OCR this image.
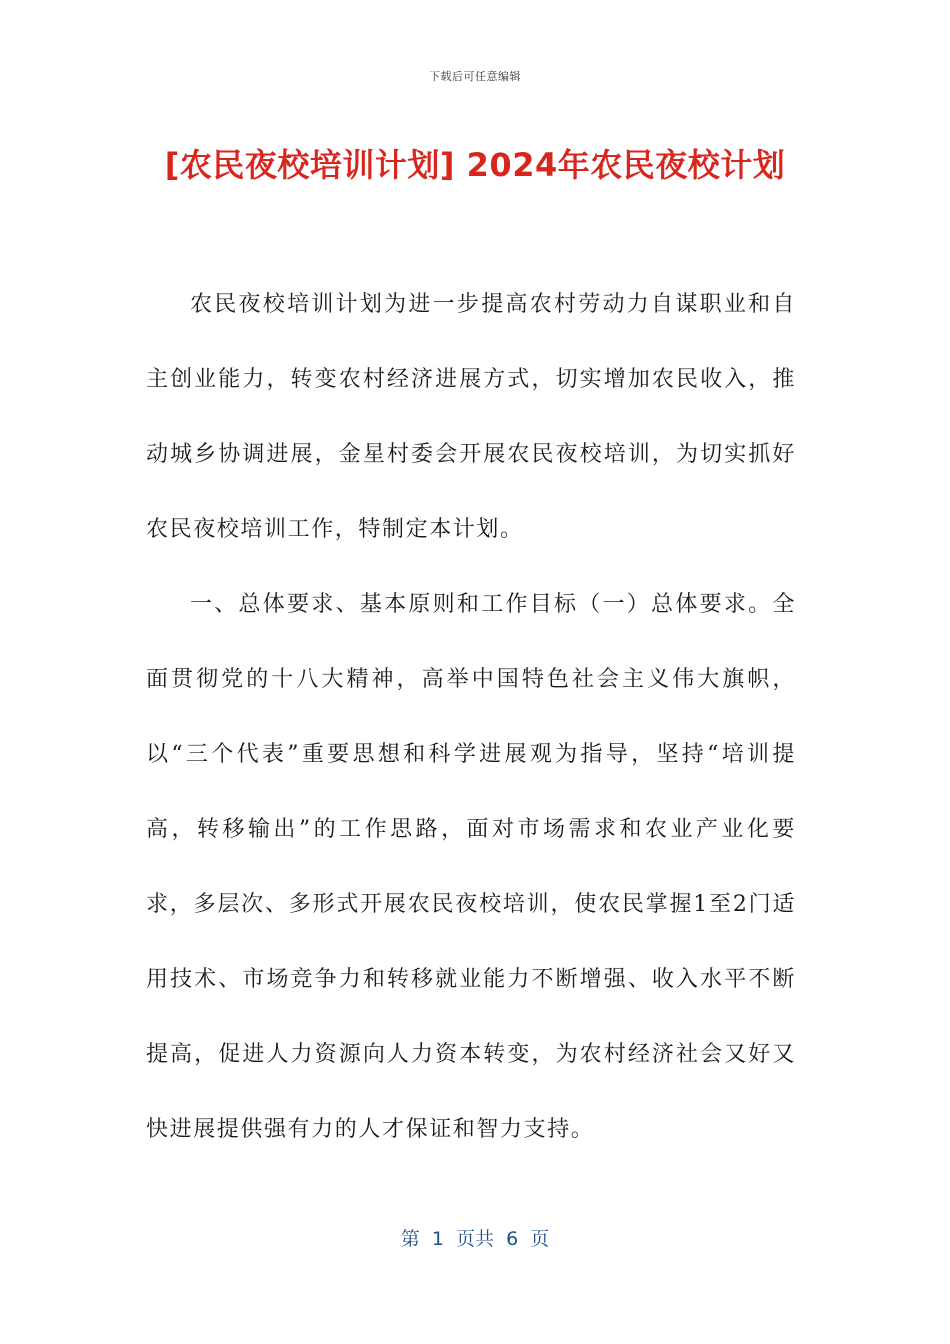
下载后可任意编辑
[农民夜校培训计划] 2024年农民夜校计划

农民夜校培训计划为进一步提高农村劳动力自谋职业和自主创业能力，转变农村经济进展方式，切实增加农民收入，推动城乡协调进展，金星村委会开展农民夜校培训，为切实抓好农民夜校培训工作，特制定本计划。

一、总体要求、基本原则和工作目标（一）总体要求。全面贯彻党的十八大精神，高举中国特色社会主义伟大旗帜，以“三个代表”重要思想和科学进展观为指导，坚持“培训提高，转移输出”的工作思路，面对市场需求和农业产业化要求，多层次、多形式开展农民夜校培训，使农民掌握1至2门适用技术、市场竞争力和转移就业能力不断增强、收入水平不断提高，促进人力资源向人力资本转变，为农村经济社会又好又快进展提供强有力的人才保证和智力支持。

第  1  页共  6  页
